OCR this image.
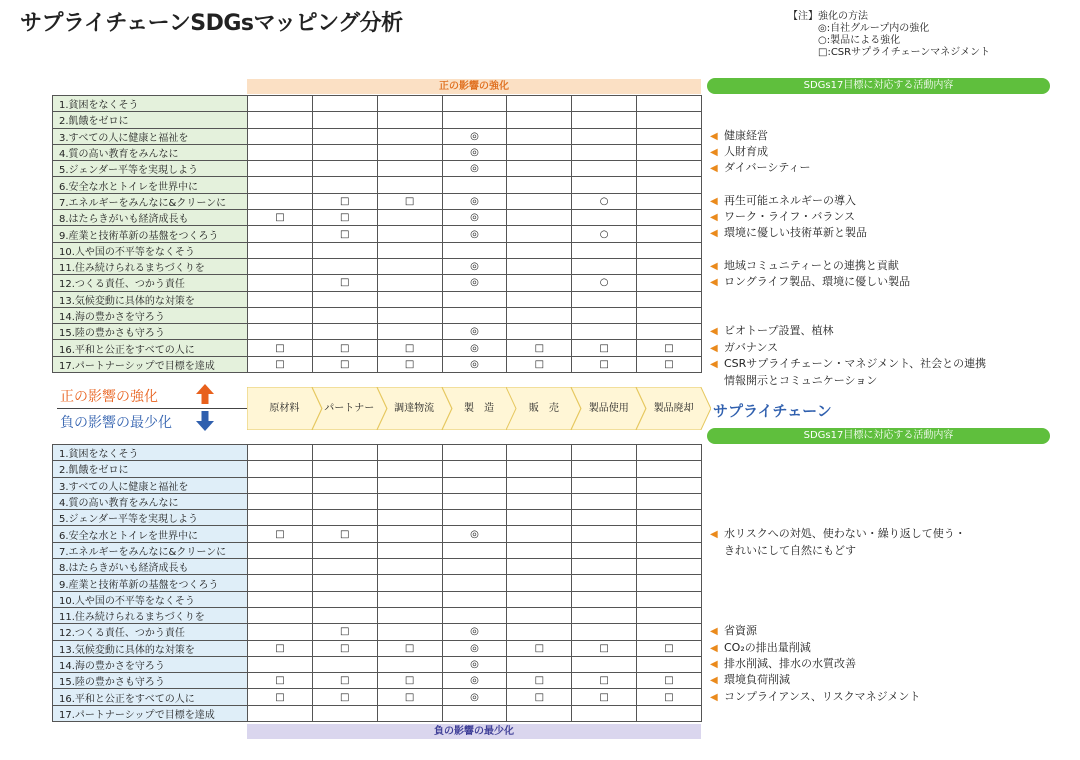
サプライチェーンSDGsマッピング分析	【注】強化の方法
◎:自社グループ内の強化
○:製品による強化
□:CSRサプライチェーンマネジメント
正の影響の強化	SDGs17目標に対応する活動内容
1.貧困をなくそう							
2.飢餓をゼロに							
3.すべての人に健康と福祉を				◎			
4.質の高い教育をみんなに				◎			
5.ジェンダー平等を実現しよう				◎			
6.安全な水とトイレを世界中に							
7.エネルギーをみんなに&クリーンに		□	□	◎		○	
8.はたらきがいも経済成長も	□	□		◎			
9.産業と技術革新の基盤をつくろう		□		◎		○	
10.人や国の不平等をなくそう							
11.住み続けられるまちづくりを				◎			
12.つくる責任、つかう責任		□		◎		○	
13.気候変動に具体的な対策を							
14.海の豊かさを守ろう							
15.陸の豊かさも守ろう				◎			
16.平和と公正をすべての人に	□	□	□	◎	□	□	□
17.パートナーシップで目標を達成	□	□	□	◎	□	□	□
◀ 健康経営
◀ 人財育成
◀ ダイバーシティー
◀ 再生可能エネルギーの導入
◀ ワーク・ライフ・バランス
◀ 環境に優しい技術革新と製品
◀ 地域コミュニティーとの連携と貢献
◀ ロングライフ製品、環境に優しい製品
◀ ビオトープ設置、植林
◀ ガバナンス
◀ CSRサプライチェーン・マネジメント、社会との連携
情報開示とコミュニケーション
正の影響の強化
負の影響の最少化
原材料	パートナー	調達物流	製　造	販　売	製品使用	製品廃却	サプライチェーン
SDGs17目標に対応する活動内容
1.貧困をなくそう							
2.飢餓をゼロに							
3.すべての人に健康と福祉を							
4.質の高い教育をみんなに							
5.ジェンダー平等を実現しよう							
6.安全な水とトイレを世界中に	□	□		◎			
7.エネルギーをみんなに&クリーンに							
8.はたらきがいも経済成長も							
9.産業と技術革新の基盤をつくろう							
10.人や国の不平等をなくそう							
11.住み続けられるまちづくりを							
12.つくる責任、つかう責任		□		◎			
13.気候変動に具体的な対策を	□	□	□	◎	□	□	□
14.海の豊かさを守ろう				◎			
15.陸の豊かさも守ろう	□	□	□	◎	□	□	□
16.平和と公正をすべての人に	□	□	□	◎	□	□	□
17.パートナーシップで目標を達成							
◀ 水リスクへの対処、使わない・繰り返して使う・
きれいにして自然にもどす
◀ 省資源
◀ CO₂の排出量削減
◀ 排水削減、排水の水質改善
◀ 環境負荷削減
◀ コンプライアンス、リスクマネジメント
負の影響の最少化
